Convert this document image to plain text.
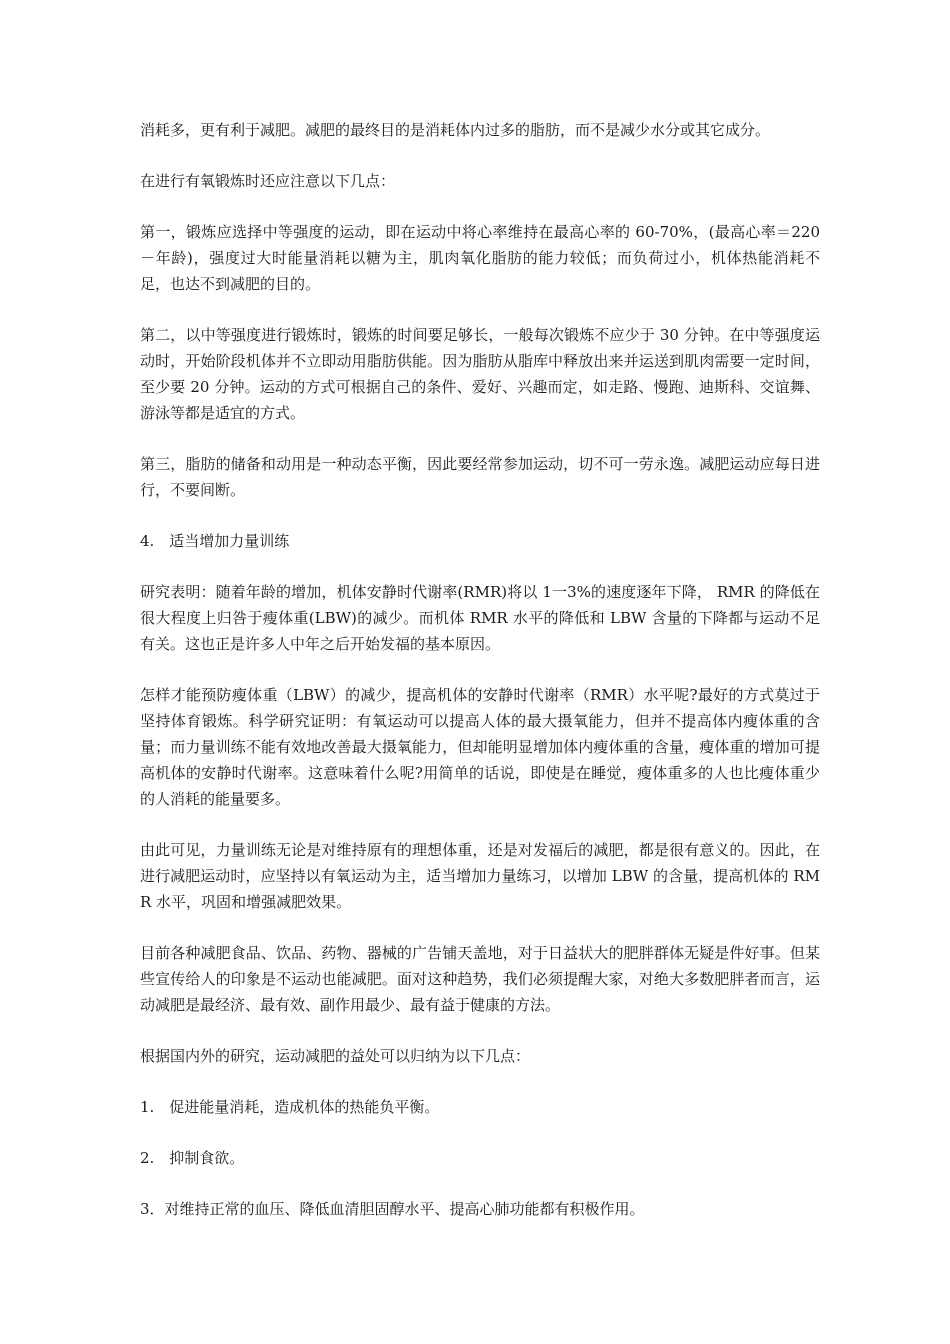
消耗多，更有利于减肥。减肥的最终目的是消耗体内过多的脂肪，而不是减少水分或其它成分。

在进行有氧锻炼时还应注意以下几点：

第一，锻炼应选择中等强度的运动，即在运动中将心率维持在最高心率的 60-70%，(最高心率＝220－年龄)，强度过大时能量消耗以糖为主，肌肉氧化脂肪的能力较低；而负荷过小，机体热能消耗不足，也达不到减肥的目的。

第二，以中等强度进行锻炼时，锻炼的时间要足够长，一般每次锻炼不应少于 30 分钟。在中等强度运动时，开始阶段机体并不立即动用脂肪供能。因为脂肪从脂库中释放出来并运送到肌肉需要一定时间，至少要 20 分钟。运动的方式可根据自己的条件、爱好、兴趣而定，如走路、慢跑、迪斯科、交谊舞、游泳等都是适宜的方式。

第三，脂肪的储备和动用是一种动态平衡，因此要经常参加运动，切不可一劳永逸。减肥运动应每日进行，不要间断。

4.　适当增加力量训练

研究表明：随着年龄的增加，机体安静时代谢率(RMR)将以 1一3%的速度逐年下降， RMR 的降低在很大程度上归咎于瘦体重(LBW)的减少。而机体 RMR 水平的降低和 LBW 含量的下降都与运动不足有关。这也正是许多人中年之后开始发福的基本原因。

怎样才能预防瘦体重（LBW）的减少，提高机体的安静时代谢率（RMR）水平呢?最好的方式莫过于坚持体育锻炼。科学研究证明：有氧运动可以提高人体的最大摄氧能力，但并不提高体内瘦体重的含量；而力量训练不能有效地改善最大摄氧能力，但却能明显增加体内瘦体重的含量，瘦体重的增加可提高机体的安静时代谢率。这意味着什么呢?用简单的话说，即使是在睡觉，瘦体重多的人也比瘦体重少的人消耗的能量要多。

由此可见，力量训练无论是对维持原有的理想体重，还是对发福后的减肥，都是很有意义的。因此，在进行减肥运动时，应坚持以有氧运动为主，适当增加力量练习，以增加 LBW 的含量，提高机体的 RMR 水平，巩固和增强减肥效果。

目前各种减肥食品、饮品、药物、器械的广告铺天盖地，对于日益状大的肥胖群体无疑是件好事。但某些宣传给人的印象是不运动也能减肥。面对这种趋势，我们必须提醒大家，对绝大多数肥胖者而言，运动减肥是最经济、最有效、副作用最少、最有益于健康的方法。

根据国内外的研究，运动减肥的益处可以归纳为以下几点：

1.　促进能量消耗，造成机体的热能负平衡。

2.　抑制食欲。

3．对维持正常的血压、降低血清胆固醇水平、提高心肺功能都有积极作用。
